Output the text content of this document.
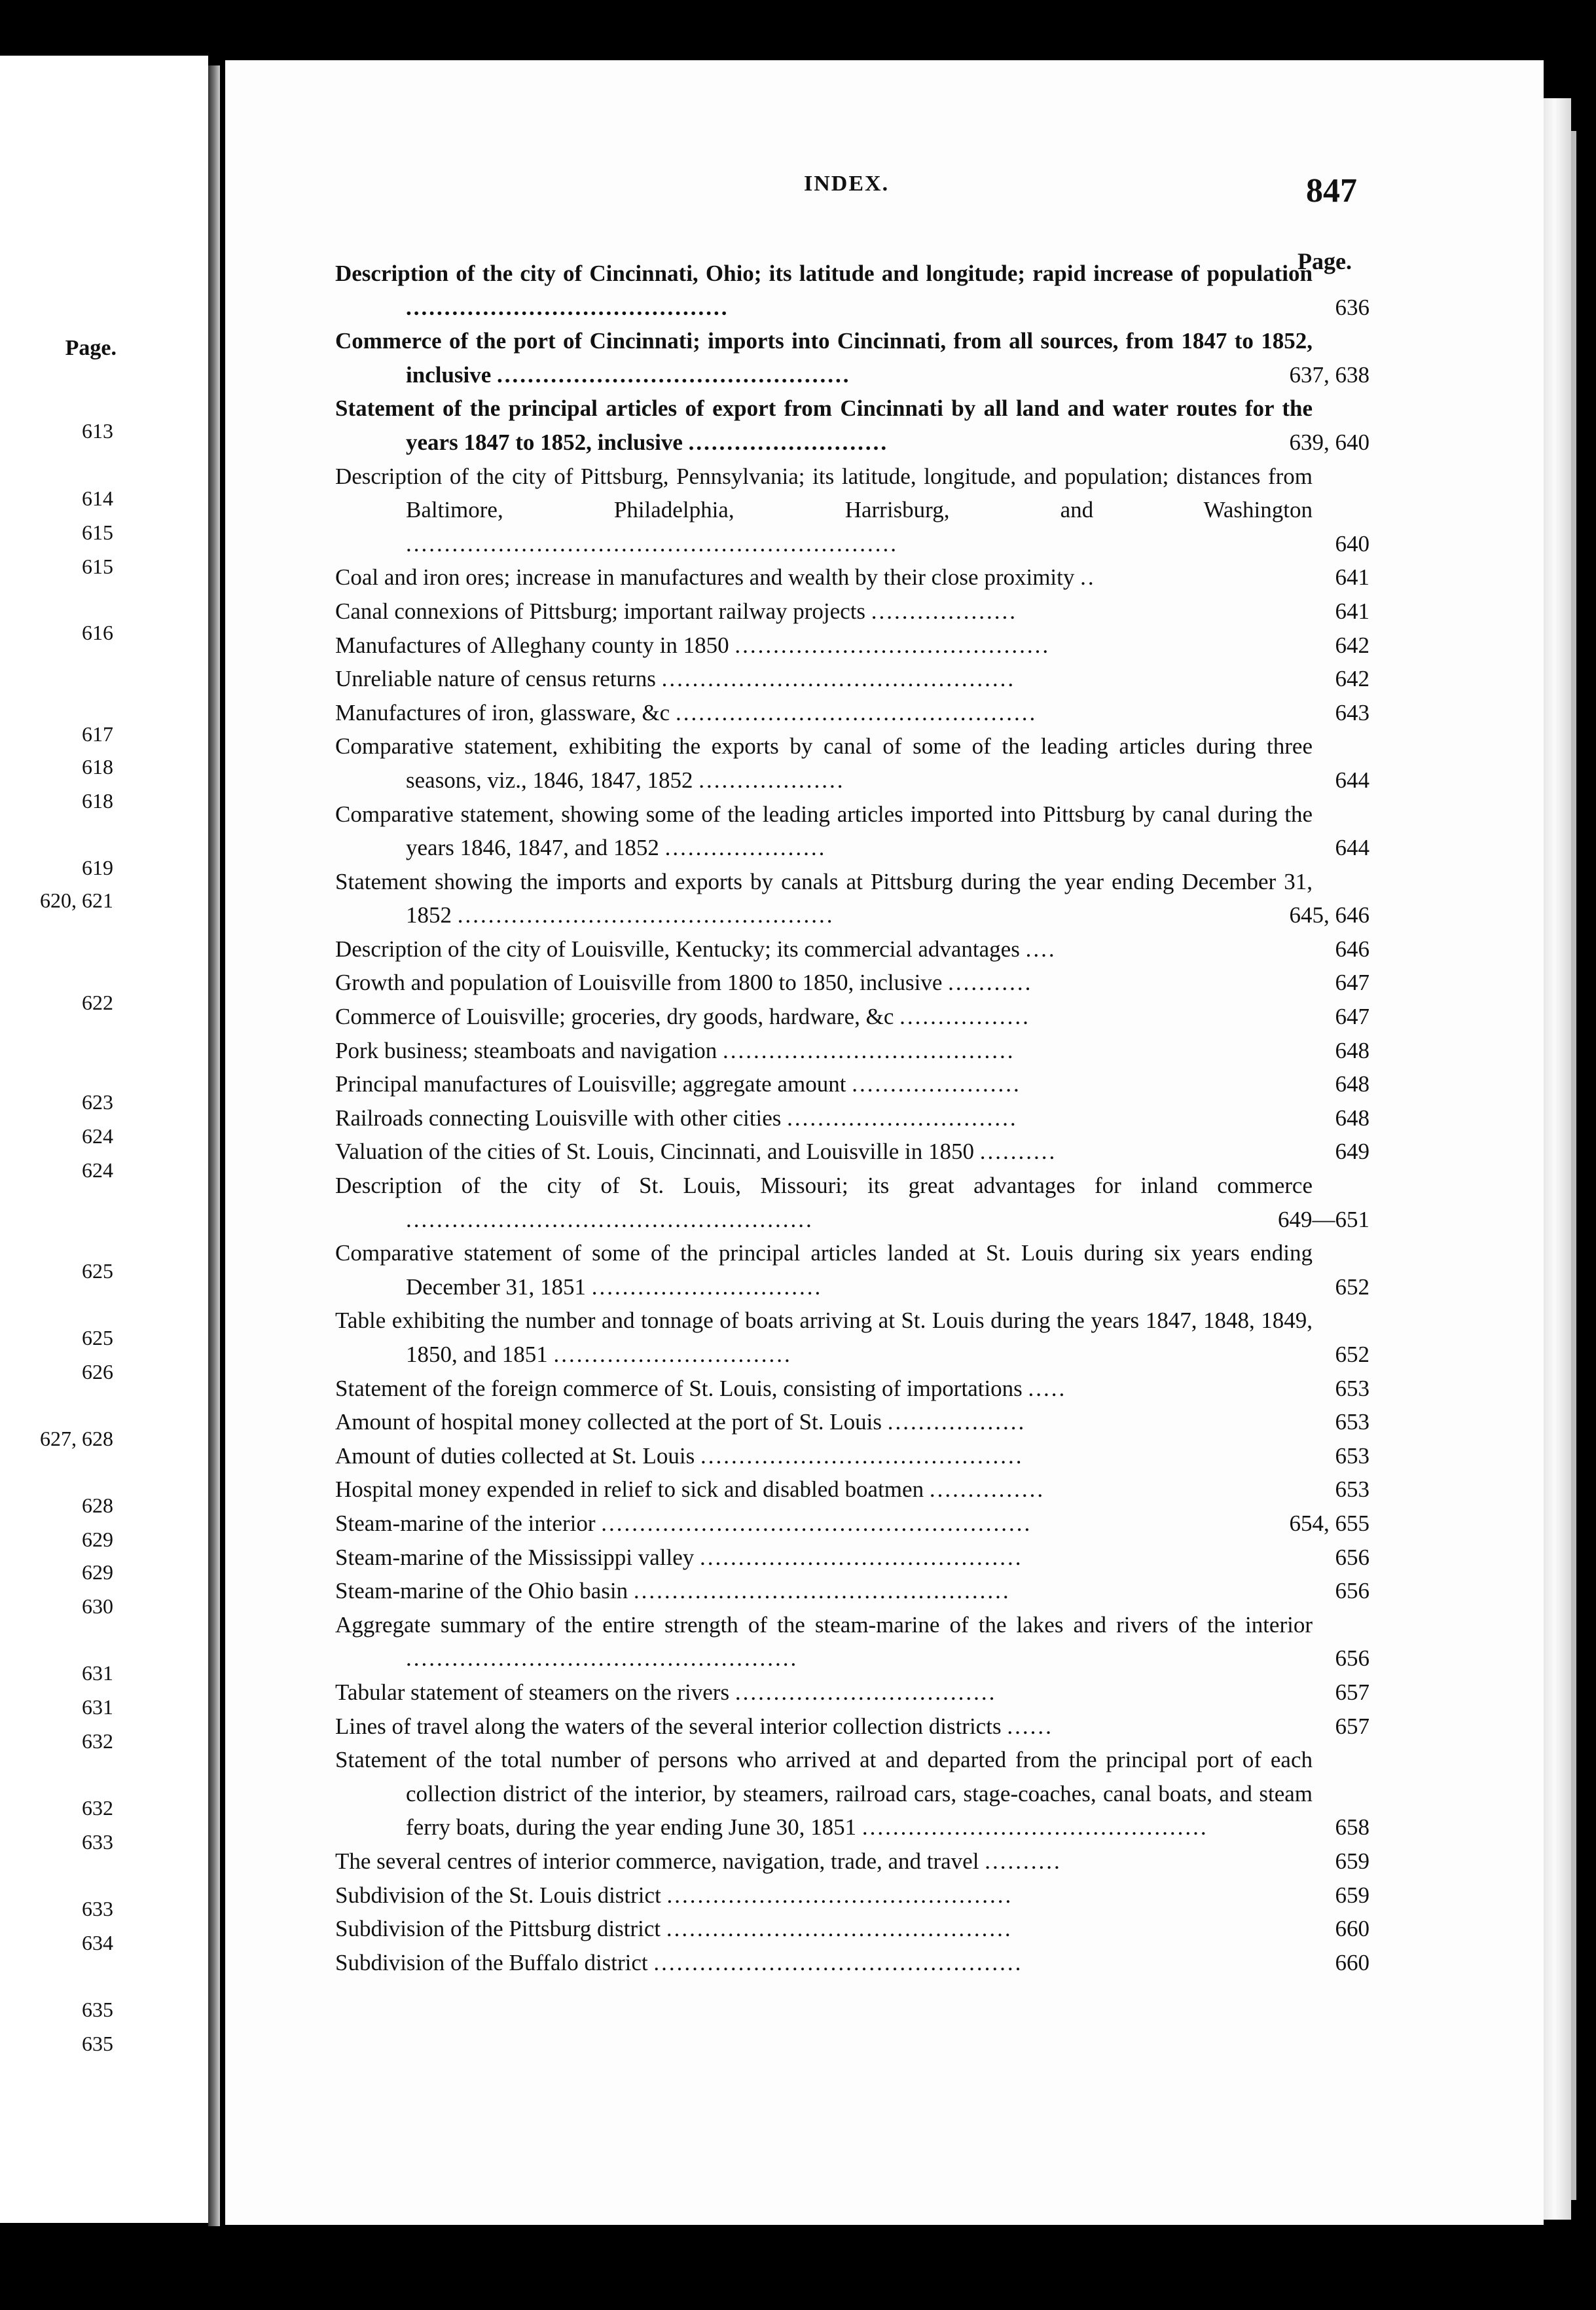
Page.
613
614
615
615
616
617
618
618
619
620, 621
622
623
624
624
625
625
626
627, 628
628
629
629
630
631
631
632
632
633
633
634
635
635
INDEX.	847
Page.
Description of the city of Cincinnati, Ohio; its latitude and longitude; rapid increase of population ..........................................	636
Commerce of the port of Cincinnati; imports into Cincinnati, from all sources, from 1847 to 1852, inclusive ..............................................	637, 638
Statement of the principal articles of export from Cincinnati by all land and water routes for the years 1847 to 1852, inclusive ..........................	639, 640
Description of the city of Pittsburg, Pennsylvania; its latitude, longitude, and population; distances from Baltimore, Philadelphia, Harrisburg, and Washington ................................................................	640
Coal and iron ores; increase in manufactures and wealth by their close proximity ..	641
Canal connexions of Pittsburg; important railway projects ...................	641
Manufactures of Alleghany county in 1850 .........................................	642
Unreliable nature of census returns ..............................................	642
Manufactures of iron, glassware, &c ...............................................	643
Comparative statement, exhibiting the exports by canal of some of the leading articles during three seasons, viz., 1846, 1847, 1852 ...................	644
Comparative statement, showing some of the leading articles imported into Pittsburg by canal during the years 1846, 1847, and 1852 .....................	644
Statement showing the imports and exports by canals at Pittsburg during the year ending December 31, 1852 .................................................	645, 646
Description of the city of Louisville, Kentucky; its commercial advantages ....	646
Growth and population of Louisville from 1800 to 1850, inclusive ...........	647
Commerce of Louisville; groceries, dry goods, hardware, &c .................	647
Pork business; steamboats and navigation ......................................	648
Principal manufactures of Louisville; aggregate amount ......................	648
Railroads connecting Louisville with other cities ..............................	648
Valuation of the cities of St. Louis, Cincinnati, and Louisville in 1850 ..........	649
Description of the city of St. Louis, Missouri; its great advantages for inland commerce .....................................................	649—651
Comparative statement of some of the principal articles landed at St. Louis during six years ending December 31, 1851 ..............................	652
Table exhibiting the number and tonnage of boats arriving at St. Louis during the years 1847, 1848, 1849, 1850, and 1851 ...............................	652
Statement of the foreign commerce of St. Louis, consisting of importations .....	653
Amount of hospital money collected at the port of St. Louis ..................	653
Amount of duties collected at St. Louis ..........................................	653
Hospital money expended in relief to sick and disabled boatmen ...............	653
Steam-marine of the interior ........................................................	654, 655
Steam-marine of the Mississippi valley ..........................................	656
Steam-marine of the Ohio basin .................................................	656
Aggregate summary of the entire strength of the steam-marine of the lakes and rivers of the interior ...................................................	656
Tabular statement of steamers on the rivers ..................................	657
Lines of travel along the waters of the several interior collection districts ......	657
Statement of the total number of persons who arrived at and departed from the principal port of each collection district of the interior, by steamers, railroad cars, stage-coaches, canal boats, and steam ferry boats, during the year ending June 30, 1851 .............................................	658
The several centres of interior commerce, navigation, trade, and travel ..........	659
Subdivision of the St. Louis district .............................................	659
Subdivision of the Pittsburg district .............................................	660
Subdivision of the Buffalo district ................................................	660
